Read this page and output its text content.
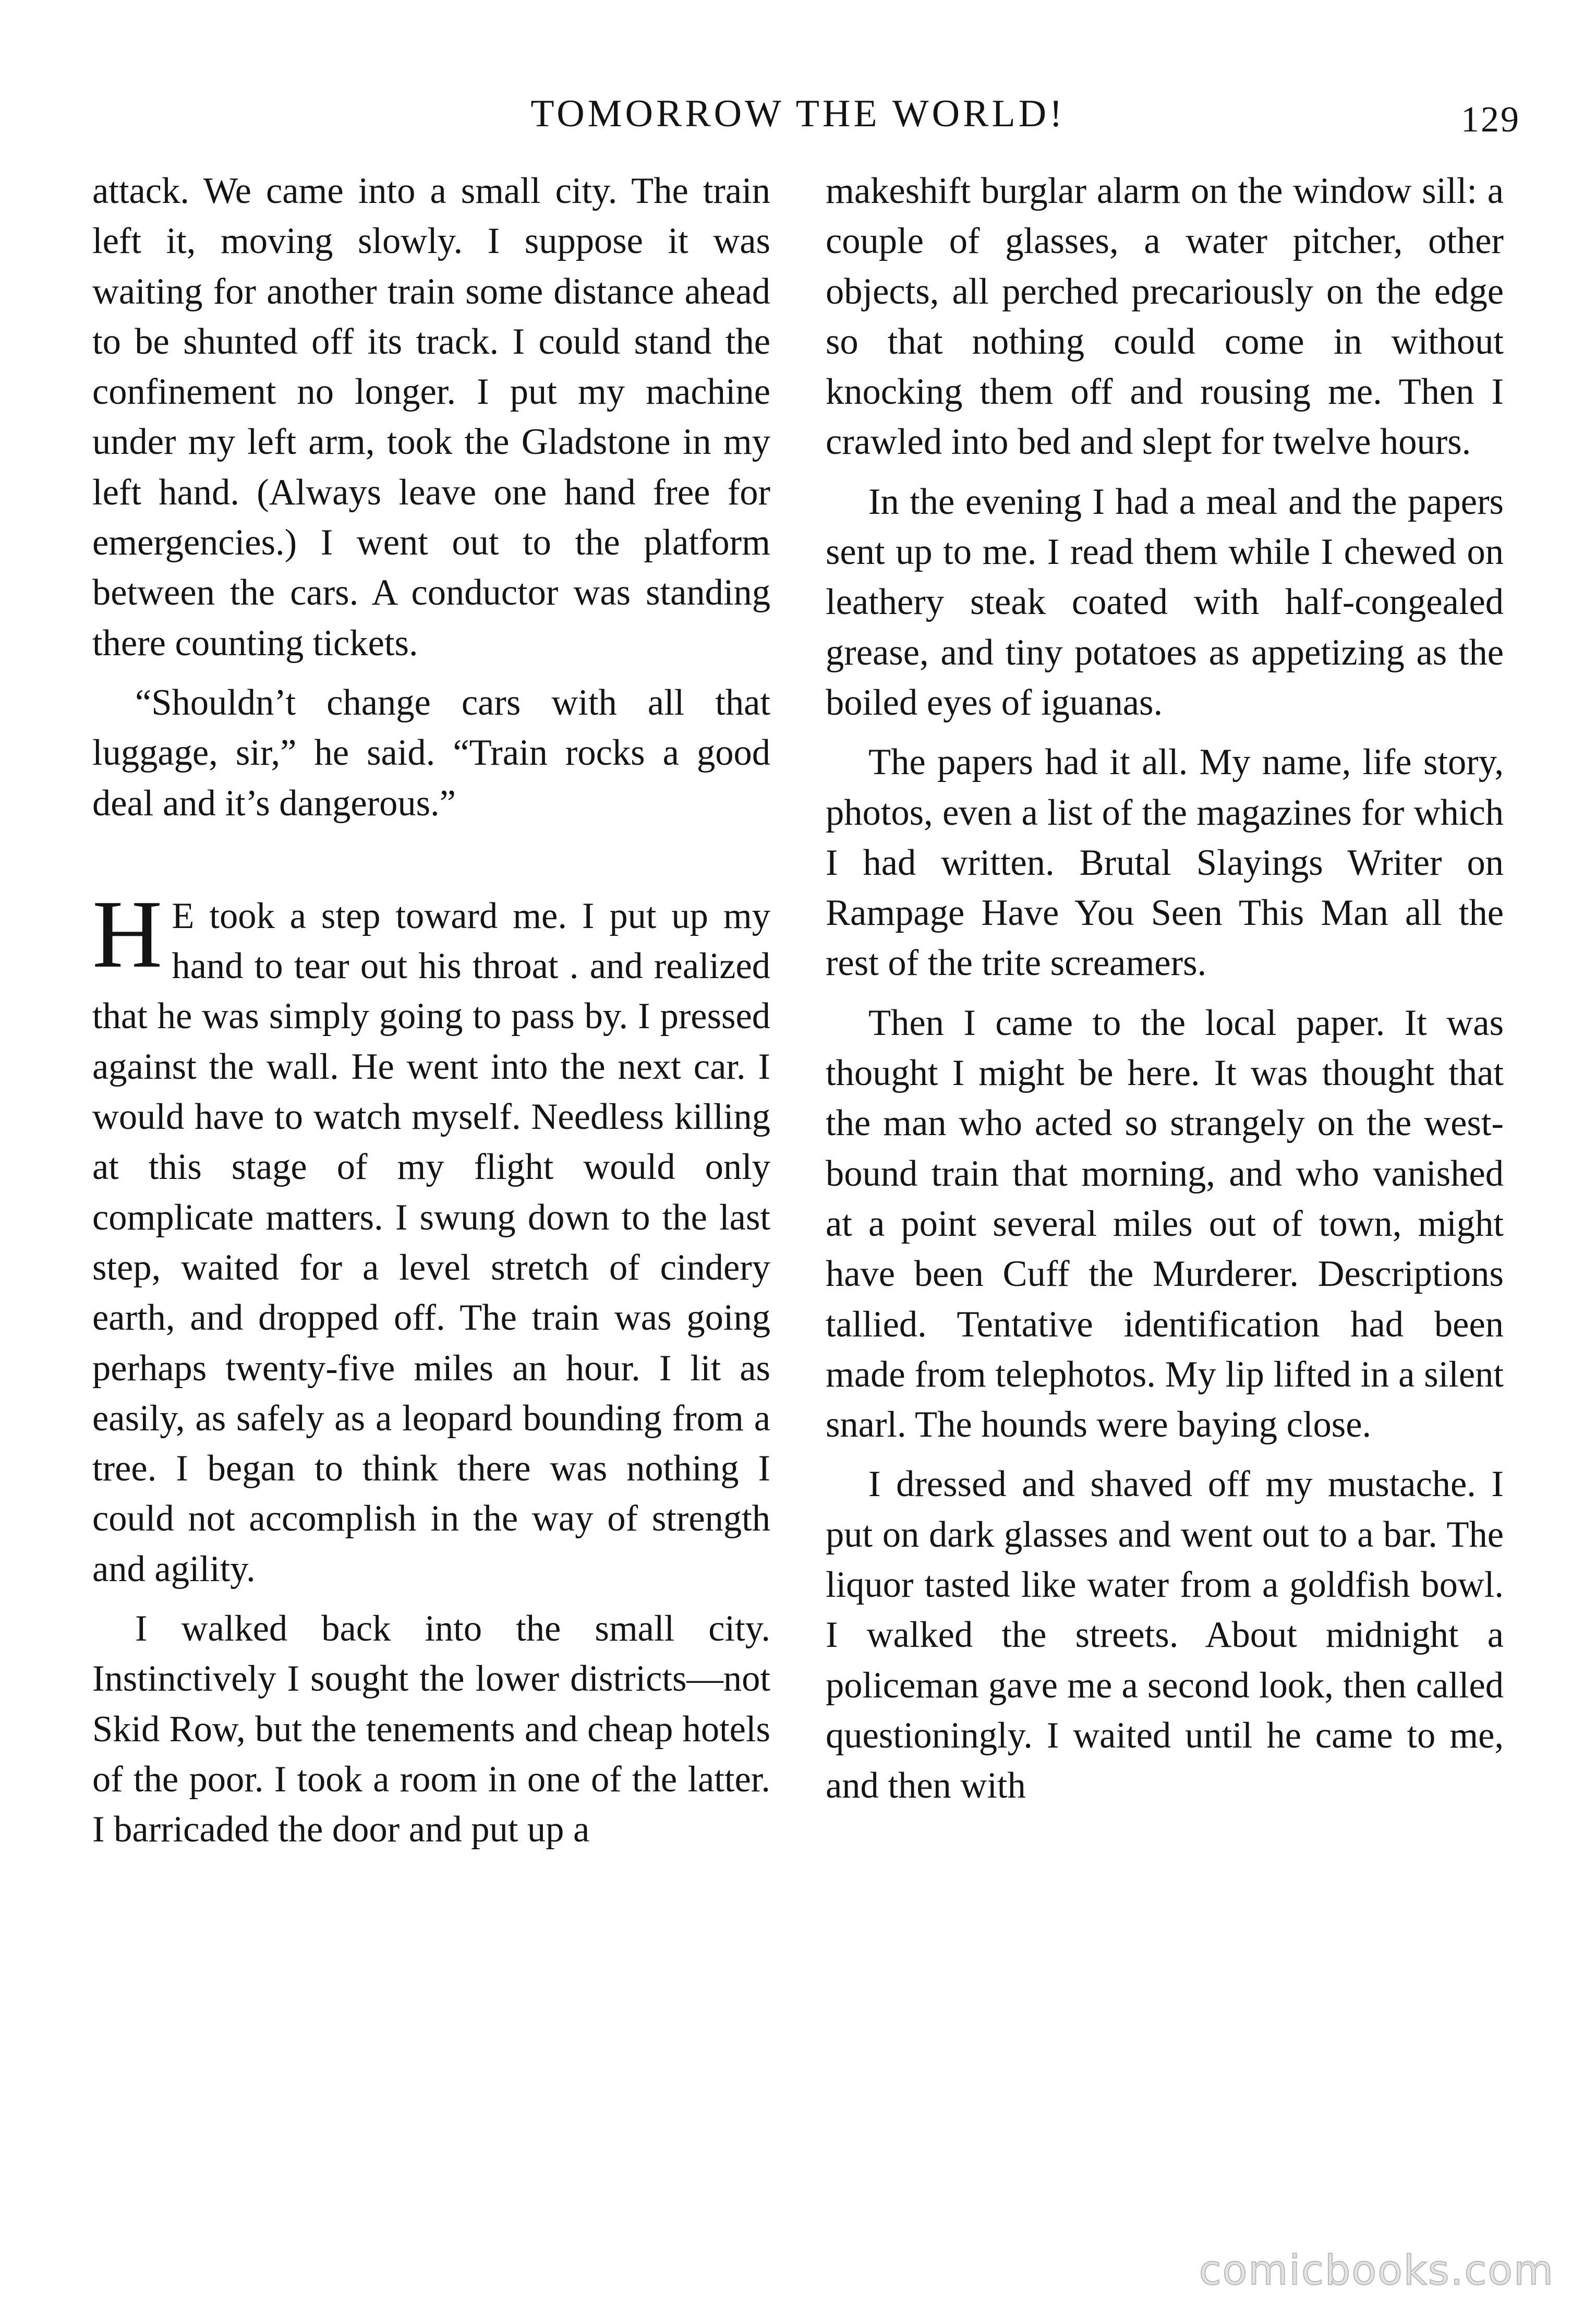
TOMORROW THE WORLD!	129

attack. We came into a small city. The train left it, moving slowly. I suppose it was waiting for another train some distance ahead to be shunted off its track. I could stand the confinement no longer. I put my machine under my left arm, took the Gladstone in my left hand. (Always leave one hand free for emergencies.) I went out to the platform between the cars. A conductor was standing there counting tickets.

“Shouldn’t change cars with all that luggage, sir,” he said. “Train rocks a good deal and it’s dangerous.”

H E took a step toward me. I put up my hand to tear out his throat . and realized that he was simply going to pass by. I pressed against the wall. He went into the next car. I would have to watch myself. Needless killing at this stage of my flight would only complicate matters. I swung down to the last step, waited for a level stretch of cindery earth, and dropped off. The train was going perhaps twenty-five miles an hour. I lit as easily, as safely as a leopard bounding from a tree. I began to think there was nothing I could not accomplish in the way of strength and agility.

I walked back into the small city. Instinctively I sought the lower districts—not Skid Row, but the tenements and cheap hotels of the poor. I took a room in one of the latter. I barricaded the door and put up a

makeshift burglar alarm on the window sill: a couple of glasses, a water pitcher, other objects, all perched precariously on the edge so that nothing could come in without knocking them off and rousing me. Then I crawled into bed and slept for twelve hours.

In the evening I had a meal and the papers sent up to me. I read them while I chewed on leathery steak coated with half-congealed grease, and tiny potatoes as appetizing as the boiled eyes of iguanas.

The papers had it all. My name, life story, photos, even a list of the magazines for which I had written. Brutal Slayings Writer on Rampage Have You Seen This Man all the rest of the trite screamers.

Then I came to the local paper. It was thought I might be here. It was thought that the man who acted so strangely on the west-bound train that morning, and who vanished at a point several miles out of town, might have been Cuff the Murderer. Descriptions tallied. Tentative identification had been made from telephotos. My lip lifted in a silent snarl. The hounds were baying close.

I dressed and shaved off my mustache. I put on dark glasses and went out to a bar. The liquor tasted like water from a goldfish bowl. I walked the streets. About midnight a policeman gave me a second look, then called questioningly. I waited until he came to me, and then with

comicbooks.com
